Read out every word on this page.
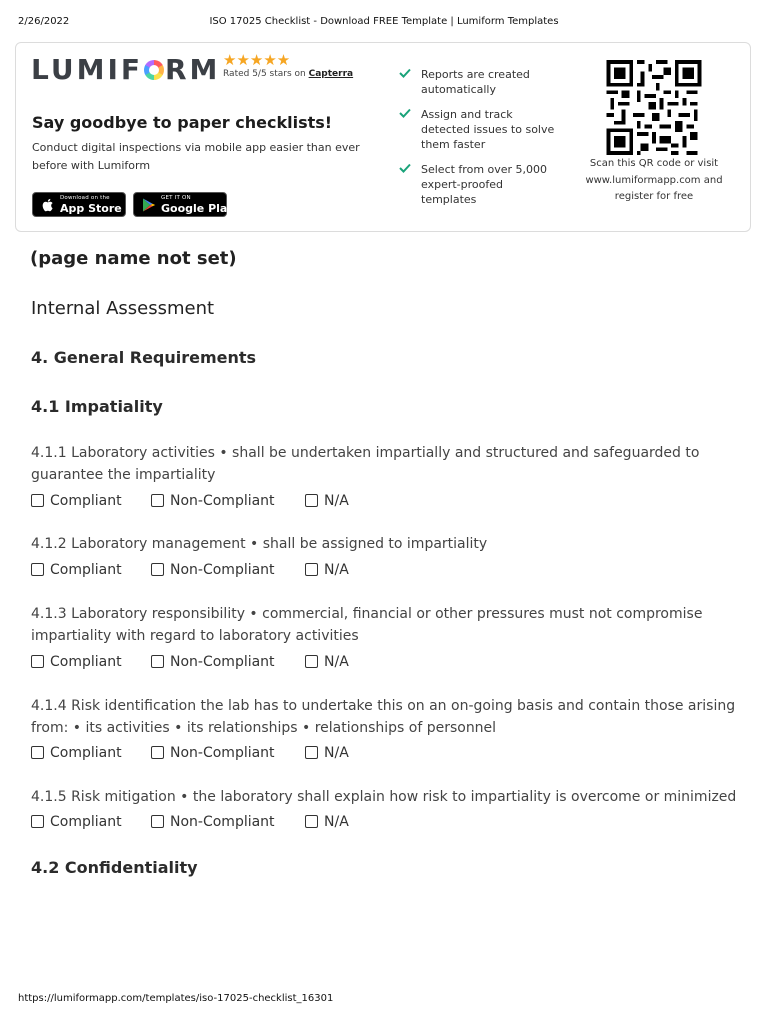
2/26/2022	ISO 17025 Checklist - Download FREE Template | Lumiform Templates
LUMIF RM ★★★★★
Rated 5/5 stars on Capterra
Say goodbye to paper checklists!
Conduct digital inspections via mobile app easier than ever before with Lumiform
Download on the
App Store
GET IT ON
Google Play
Reports are created automatically
Assign and track detected issues to solve them faster
Select from over 5,000 expert-proofed templates
Scan this QR code or visit www.lumiformapp.com and register for free
(page name not set)
Internal Assessment
4. General Requirements
4.1 Impatiality
4.1.1 Laboratory activities • shall be undertaken impartially and structured and safeguarded to guarantee the impartiality
Compliant	Non-Compliant	N/A
4.1.2 Laboratory management • shall be assigned to impartiality
Compliant	Non-Compliant	N/A
4.1.3 Laboratory responsibility • commercial, financial or other pressures must not compromise impartiality with regard to laboratory activities
Compliant	Non-Compliant	N/A
4.1.4 Risk identification the lab has to undertake this on an on-going basis and contain those arising from: • its activities • its relationships • relationships of personnel
Compliant	Non-Compliant	N/A
4.1.5 Risk mitigation • the laboratory shall explain how risk to impartiality is overcome or minimized
Compliant	Non-Compliant	N/A
4.2 Confidentiality
https://lumiformapp.com/templates/iso-17025-checklist_16301
